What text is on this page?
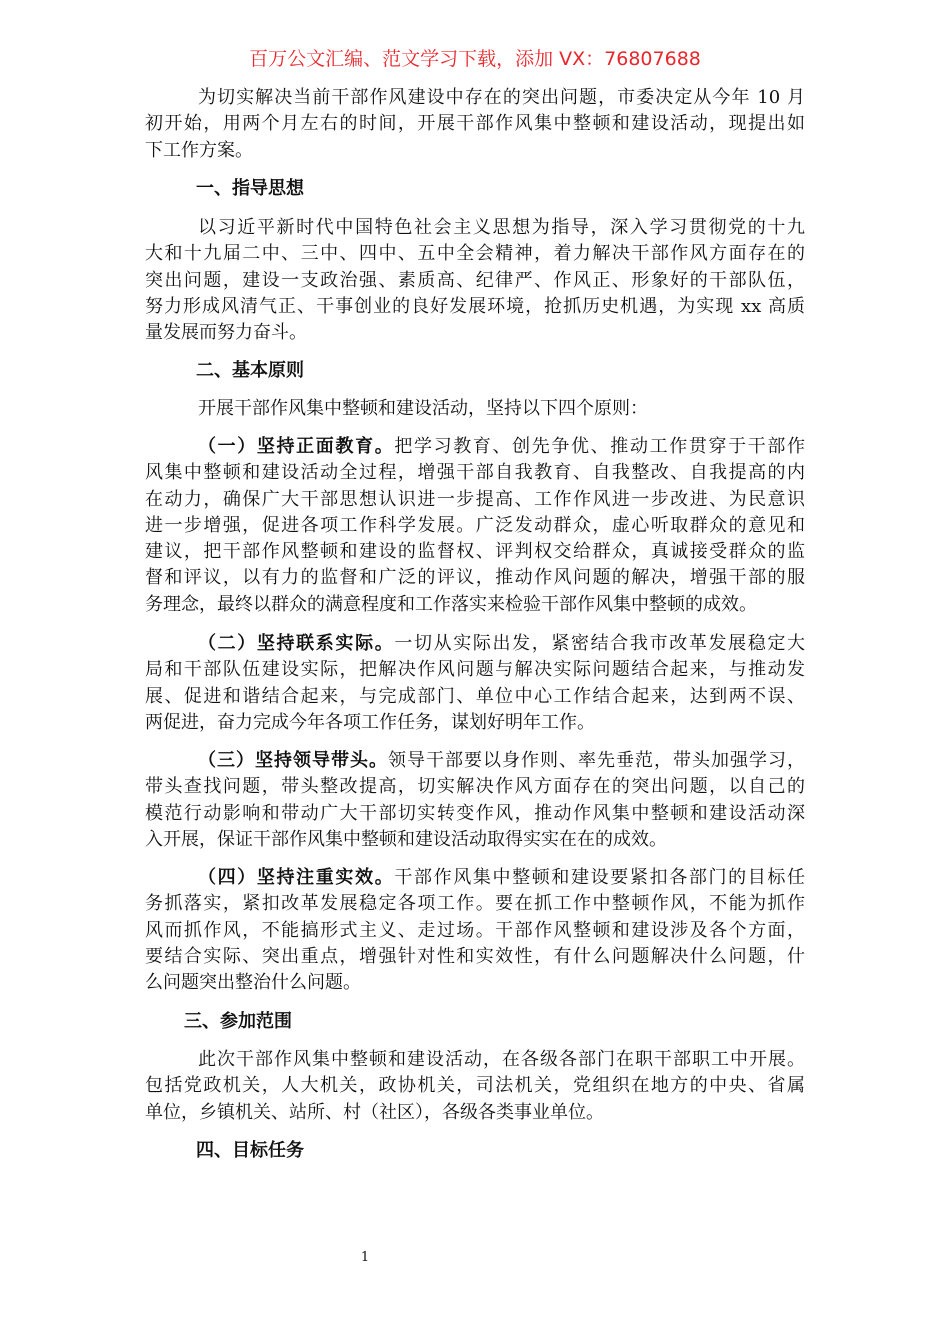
百万公文汇编、范文学习下载，添加 VX：76807688
为切实解决当前干部作风建设中存在的突出问题，市委决定从今年 10 月
初开始，用两个月左右的时间，开展干部作风集中整顿和建设活动，现提出如
下工作方案。
一、指导思想
以习近平新时代中国特色社会主义思想为指导，深入学习贯彻党的十九
大和十九届二中、三中、四中、五中全会精神，着力解决干部作风方面存在的
突出问题，建设一支政治强、素质高、纪律严、作风正、形象好的干部队伍，
努力形成风清气正、干事创业的良好发展环境，抢抓历史机遇，为实现 xx 高质
量发展而努力奋斗。
二、基本原则
开展干部作风集中整顿和建设活动，坚持以下四个原则：
（一）坚持正面教育。把学习教育、创先争优、推动工作贯穿于干部作
风集中整顿和建设活动全过程，增强干部自我教育、自我整改、自我提高的内
在动力，确保广大干部思想认识进一步提高、工作作风进一步改进、为民意识
进一步增强，促进各项工作科学发展。广泛发动群众，虚心听取群众的意见和
建议，把干部作风整顿和建设的监督权、评判权交给群众，真诚接受群众的监
督和评议，以有力的监督和广泛的评议，推动作风问题的解决，增强干部的服
务理念，最终以群众的满意程度和工作落实来检验干部作风集中整顿的成效。
（二）坚持联系实际。一切从实际出发，紧密结合我市改革发展稳定大
局和干部队伍建设实际，把解决作风问题与解决实际问题结合起来，与推动发
展、促进和谐结合起来，与完成部门、单位中心工作结合起来，达到两不误、
两促进，奋力完成今年各项工作任务，谋划好明年工作。
（三）坚持领导带头。领导干部要以身作则、率先垂范，带头加强学习，
带头查找问题，带头整改提高，切实解决作风方面存在的突出问题，以自己的
模范行动影响和带动广大干部切实转变作风，推动作风集中整顿和建设活动深
入开展，保证干部作风集中整顿和建设活动取得实实在在的成效。
（四）坚持注重实效。干部作风集中整顿和建设要紧扣各部门的目标任
务抓落实，紧扣改革发展稳定各项工作。要在抓工作中整顿作风，不能为抓作
风而抓作风，不能搞形式主义、走过场。干部作风整顿和建设涉及各个方面，
要结合实际、突出重点，增强针对性和实效性，有什么问题解决什么问题，什
么问题突出整治什么问题。
三、参加范围
此次干部作风集中整顿和建设活动，在各级各部门在职干部职工中开展。
包括党政机关，人大机关，政协机关，司法机关，党组织在地方的中央、省属
单位，乡镇机关、站所、村（社区），各级各类事业单位。
四、目标任务
1
